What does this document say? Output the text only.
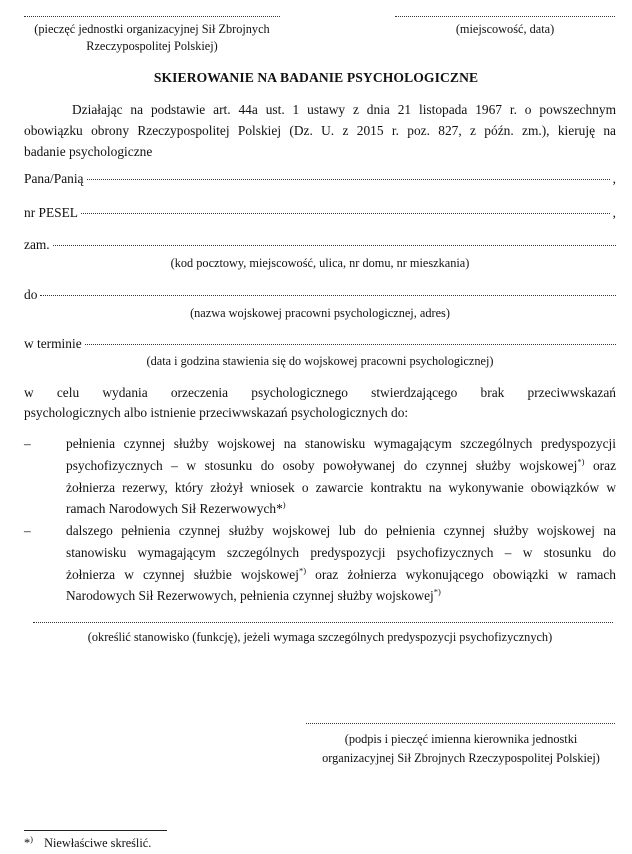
(pieczęć jednostki organizacyjnej Sił Zbrojnych
Rzeczypospolitej Polskiej)
(miejscowość, data)
SKIEROWANIE NA BADANIE PSYCHOLOGICZNE
Działając na podstawie art. 44a ust. 1 ustawy z dnia 21 listopada 1967 r. o powszechnym
obowiązku obrony Rzeczypospolitej Polskiej (Dz. U. z 2015 r. poz. 827, z późn. zm.), kieruję na
badanie psychologiczne
Pana/Panią	,
nr PESEL	,
zam.
(kod pocztowy, miejscowość, ulica, nr domu, nr mieszkania)
do
(nazwa wojskowej pracowni psychologicznej, adres)
w terminie
(data i godzina stawienia się do wojskowej pracowni psychologicznej)
w celu wydania orzeczenia psychologicznego stwierdzającego brak przeciwwskazań
psychologicznych albo istnienie przeciwwskazań psychologicznych do:
–	pełnienia czynnej służby wojskowej na stanowisku wymagającym szczególnych predyspozycji
psychofizycznych – w stosunku do osoby powoływanej do czynnej służby wojskowej*) oraz
żołnierza rezerwy, który złożył wniosek o zawarcie kontraktu na wykonywanie obowiązków w
ramach Narodowych Sił Rezerwowych*)
–	dalszego pełnienia czynnej służby wojskowej lub do pełnienia czynnej służby wojskowej na
stanowisku wymagającym szczególnych predyspozycji psychofizycznych – w stosunku do
żołnierza w czynnej służbie wojskowej*) oraz żołnierza wykonującego obowiązki w ramach
Narodowych Sił Rezerwowych, pełnienia czynnej służby wojskowej*)
(określić stanowisko (funkcję), jeżeli wymaga szczególnych predyspozycji psychofizycznych)
(podpis i pieczęć imienna kierownika jednostki
organizacyjnej Sił Zbrojnych Rzeczypospolitej Polskiej)
*) Niewłaściwe skreślić.
